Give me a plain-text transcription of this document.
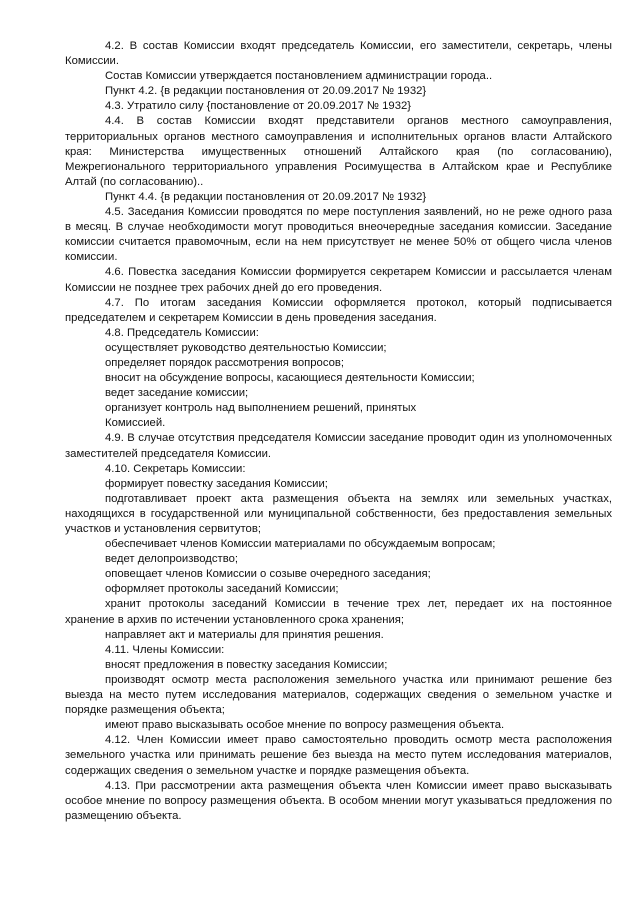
4.2. В состав Комиссии входят председатель Комиссии, его заместители, секретарь, члены Комиссии.

Состав Комиссии утверждается постановлением администрации города..

Пункт 4.2. {в редакции постановления от 20.09.2017 № 1932}

4.3. Утратило силу {постановление от 20.09.2017 № 1932}

4.4. В состав Комиссии входят представители органов местного самоуправления, территориальных органов местного самоуправления и исполнительных органов власти Алтайского края: Министерства имущественных отношений Алтайского края (по согласованию), Межрегионального территориального управления Росимущества в Алтайском крае и Республике Алтай (по согласованию)..

Пункт 4.4. {в редакции постановления от 20.09.2017 № 1932}

4.5. Заседания Комиссии проводятся по мере поступления заявлений, но не реже одного раза в месяц. В случае необходимости могут проводиться внеочередные заседания комиссии. Заседание комиссии считается правомочным, если на нем присутствует не менее 50% от общего числа членов комиссии.

4.6. Повестка заседания Комиссии формируется секретарем Комиссии и рассылается членам Комиссии не позднее трех рабочих дней до его проведения.

4.7. По итогам заседания Комиссии оформляется протокол, который подписывается председателем и секретарем Комиссии в день проведения заседания.

4.8. Председатель Комиссии:

осуществляет руководство деятельностью Комиссии;

определяет порядок рассмотрения вопросов;

вносит на обсуждение вопросы, касающиеся деятельности Комиссии;

ведет заседание комиссии;

организует контроль над выполнением решений, принятых

Комиссией.

4.9. В случае отсутствия председателя Комиссии заседание проводит один из уполномоченных заместителей председателя Комиссии.

4.10. Секретарь Комиссии:

формирует повестку заседания Комиссии;

подготавливает проект акта размещения объекта на землях или земельных участках, находящихся в государственной или муниципальной собственности, без предоставления земельных участков и установления сервитутов;

обеспечивает членов Комиссии материалами по обсуждаемым вопросам;

ведет делопроизводство;

оповещает членов Комиссии о созыве очередного заседания;

оформляет протоколы заседаний Комиссии;

хранит протоколы заседаний Комиссии в течение трех лет, передает их на постоянное хранение в архив по истечении установленного срока хранения;

направляет акт и материалы для принятия решения.

4.11. Члены Комиссии:

вносят предложения в повестку заседания Комиссии;

производят осмотр места расположения земельного участка или принимают решение без выезда на место путем исследования материалов, содержащих сведения о земельном участке и порядке размещения объекта;

имеют право высказывать особое мнение по вопросу размещения объекта.

4.12. Член Комиссии имеет право самостоятельно проводить осмотр места расположения земельного участка или принимать решение без выезда на место путем исследования материалов, содержащих сведения о земельном участке и порядке размещения объекта.

4.13. При рассмотрении акта размещения объекта член Комиссии имеет право высказывать особое мнение по вопросу размещения объекта. В особом мнении могут указываться предложения по размещению объекта.
